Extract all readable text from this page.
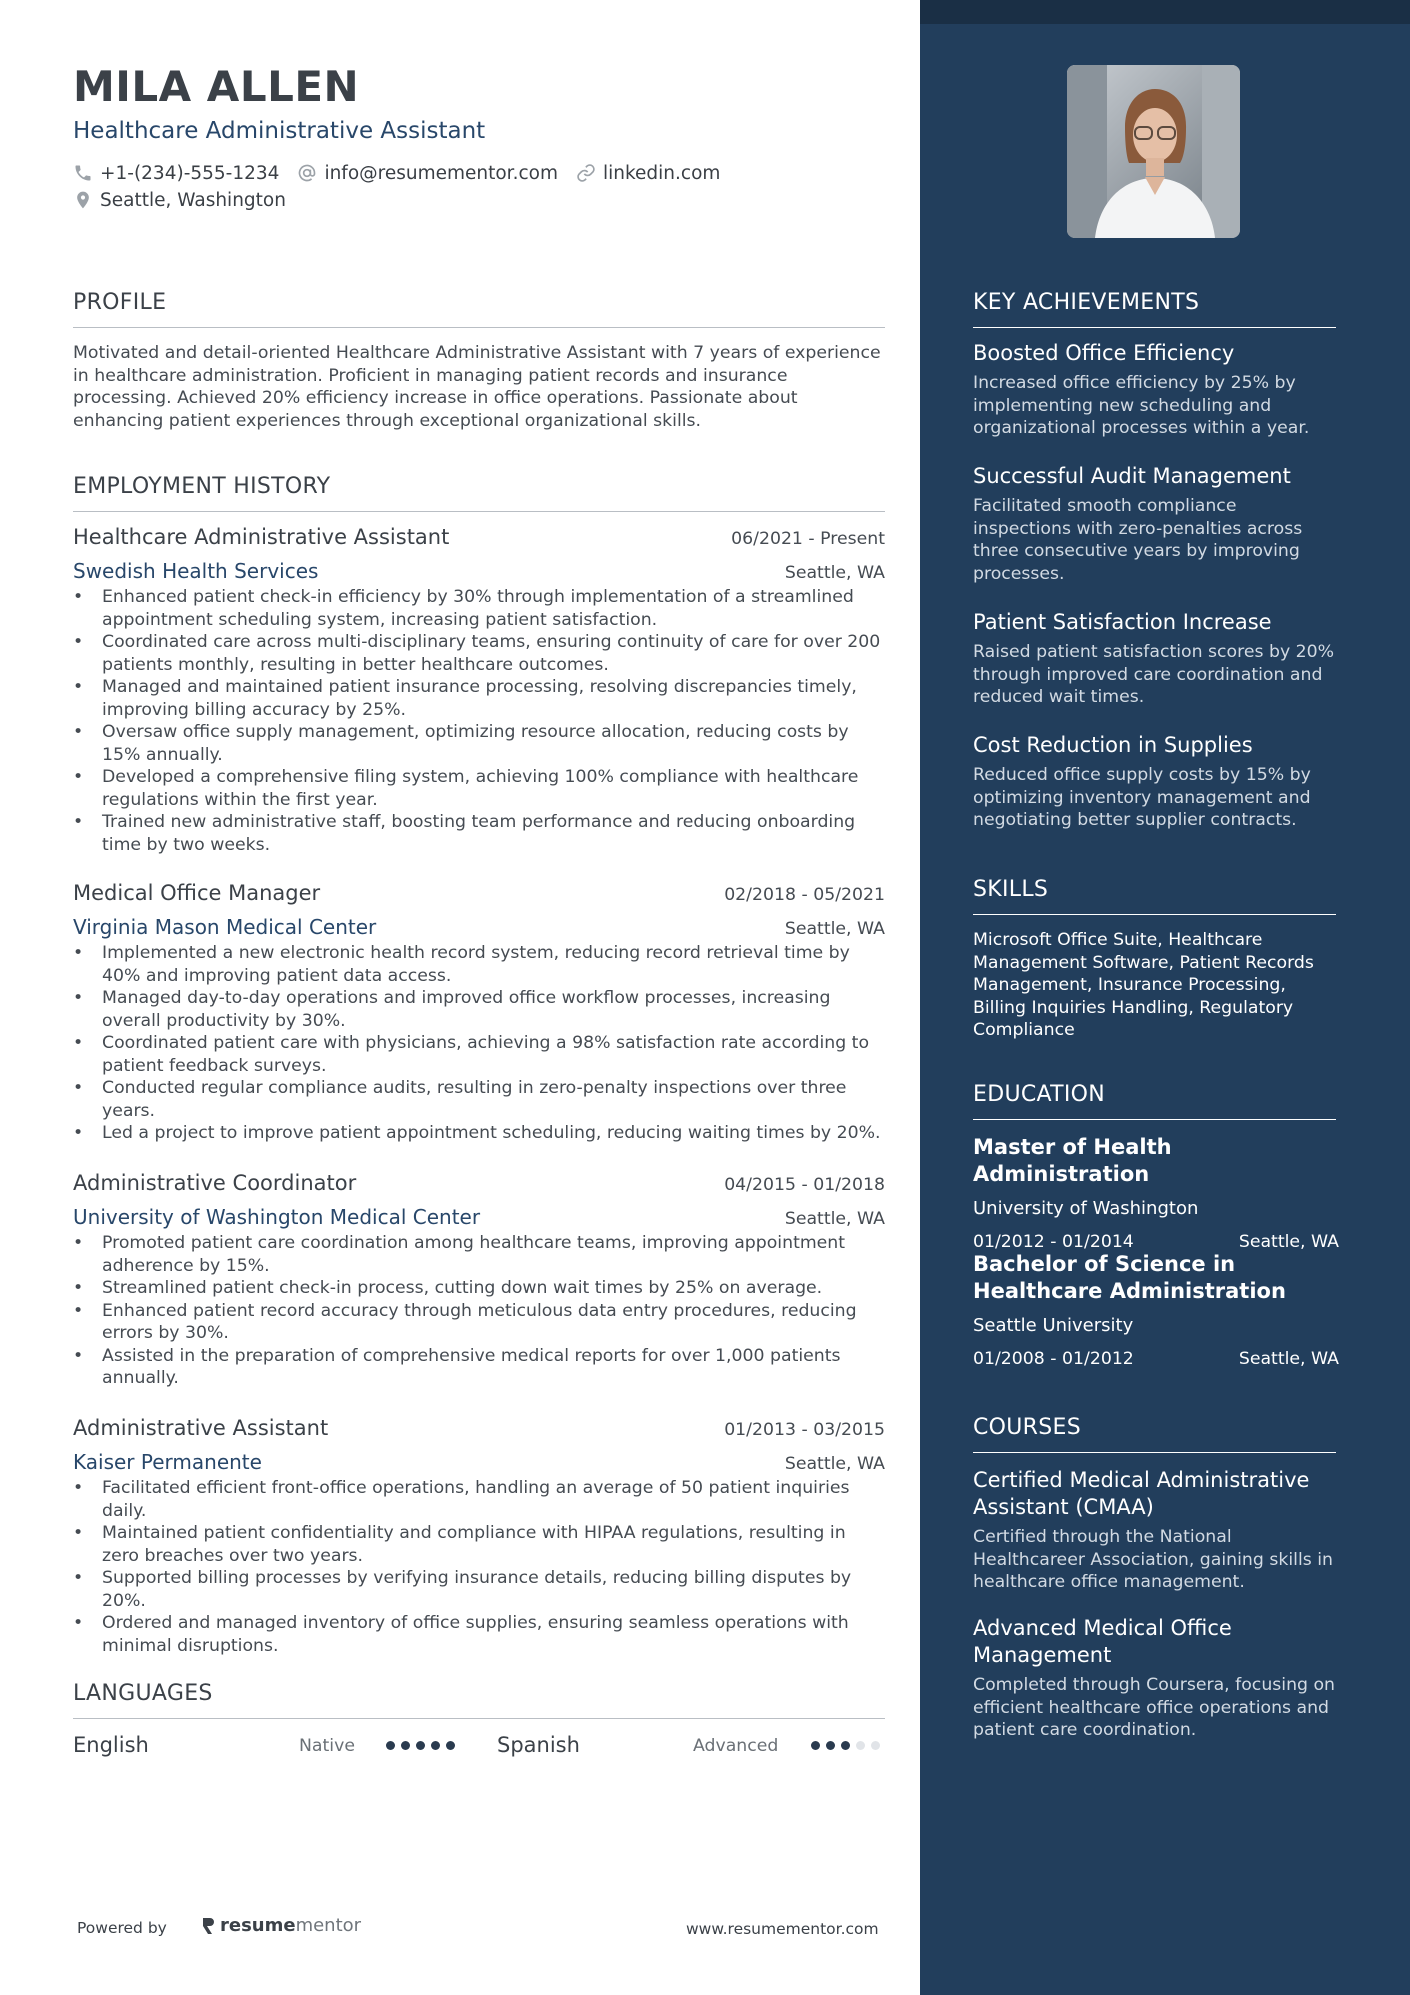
MILA ALLEN
Healthcare Administrative Assistant
+1-(234)-555-1234 info@resumementor.com linkedin.com
Seattle, Washington
PROFILE
Motivated and detail-oriented Healthcare Administrative Assistant with 7 years of experience in healthcare administration. Proficient in managing patient records and insurance processing. Achieved 20% efficiency increase in office operations. Passionate about enhancing patient experiences through exceptional organizational skills.
EMPLOYMENT HISTORY
Healthcare Administrative Assistant	06/2021 - Present
Swedish Health Services	Seattle, WA
• Enhanced patient check-in efficiency by 30% through implementation of a streamlined appointment scheduling system, increasing patient satisfaction.
• Coordinated care across multi-disciplinary teams, ensuring continuity of care for over 200 patients monthly, resulting in better healthcare outcomes.
• Managed and maintained patient insurance processing, resolving discrepancies timely, improving billing accuracy by 25%.
• Oversaw office supply management, optimizing resource allocation, reducing costs by 15% annually.
• Developed a comprehensive filing system, achieving 100% compliance with healthcare regulations within the first year.
• Trained new administrative staff, boosting team performance and reducing onboarding time by two weeks.
Medical Office Manager	02/2018 - 05/2021
Virginia Mason Medical Center	Seattle, WA
• Implemented a new electronic health record system, reducing record retrieval time by 40% and improving patient data access.
• Managed day-to-day operations and improved office workflow processes, increasing overall productivity by 30%.
• Coordinated patient care with physicians, achieving a 98% satisfaction rate according to patient feedback surveys.
• Conducted regular compliance audits, resulting in zero-penalty inspections over three years.
• Led a project to improve patient appointment scheduling, reducing waiting times by 20%.
Administrative Coordinator	04/2015 - 01/2018
University of Washington Medical Center	Seattle, WA
• Promoted patient care coordination among healthcare teams, improving appointment adherence by 15%.
• Streamlined patient check-in process, cutting down wait times by 25% on average.
• Enhanced patient record accuracy through meticulous data entry procedures, reducing errors by 30%.
• Assisted in the preparation of comprehensive medical reports for over 1,000 patients annually.
Administrative Assistant	01/2013 - 03/2015
Kaiser Permanente	Seattle, WA
• Facilitated efficient front-office operations, handling an average of 50 patient inquiries daily.
• Maintained patient confidentiality and compliance with HIPAA regulations, resulting in zero breaches over two years.
• Supported billing processes by verifying insurance details, reducing billing disputes by 20%.
• Ordered and managed inventory of office supplies, ensuring seamless operations with minimal disruptions.
LANGUAGES
English	Native	Spanish	Advanced
Powered by	resume mentor	www.resumementor.com
KEY ACHIEVEMENTS
Boosted Office Efficiency
Increased office efficiency by 25% by implementing new scheduling and organizational processes within a year.
Successful Audit Management
Facilitated smooth compliance inspections with zero-penalties across three consecutive years by improving processes.
Patient Satisfaction Increase
Raised patient satisfaction scores by 20% through improved care coordination and reduced wait times.
Cost Reduction in Supplies
Reduced office supply costs by 15% by optimizing inventory management and negotiating better supplier contracts.
SKILLS
Microsoft Office Suite, Healthcare Management Software, Patient Records Management, Insurance Processing, Billing Inquiries Handling, Regulatory Compliance
EDUCATION
Master of Health Administration
University of Washington
01/2012 - 01/2014	Seattle, WA
Bachelor of Science in Healthcare Administration
Seattle University
01/2008 - 01/2012	Seattle, WA
COURSES
Certified Medical Administrative Assistant (CMAA)
Certified through the National Healthcareer Association, gaining skills in healthcare office management.
Advanced Medical Office Management
Completed through Coursera, focusing on efficient healthcare office operations and patient care coordination.
